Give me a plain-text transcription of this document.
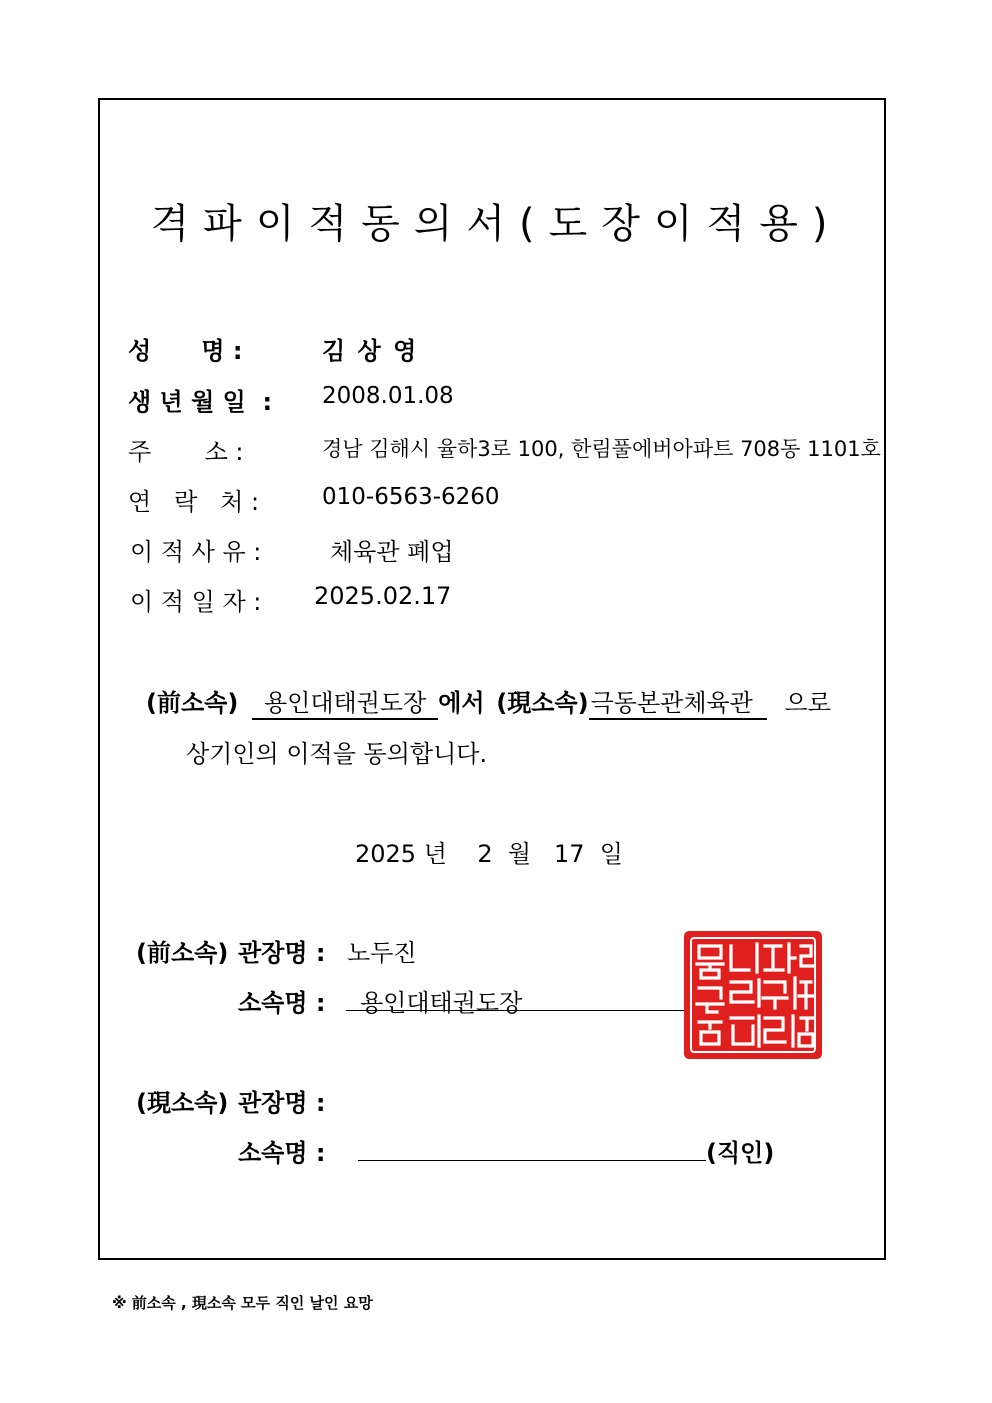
격파이적동의서(도장이적용)
성      명 :	김 상 영
생 년 월 일  : 2008.01.08
주       소 :	경남 김해시 율하3로 100, 한림풀에버아파트 708동 1101호
연   락   처 :	010-6563-6260
이 적 사 유 :	체육관 폐업
이 적 일 자 : 2025.02.17
(前소속) 용인대태권도장 에서 (現소속)극동본관체육관 으로
상기인의 이적을 동의합니다.
2025 년    2  월   17  일
(前소속) 관장명 : 노두진
소속명 : 용인대태권도장
(現소속) 관장명 :
소속명 :	(직인)
※ 前소속 , 現소속 모두 직인 날인 요망
